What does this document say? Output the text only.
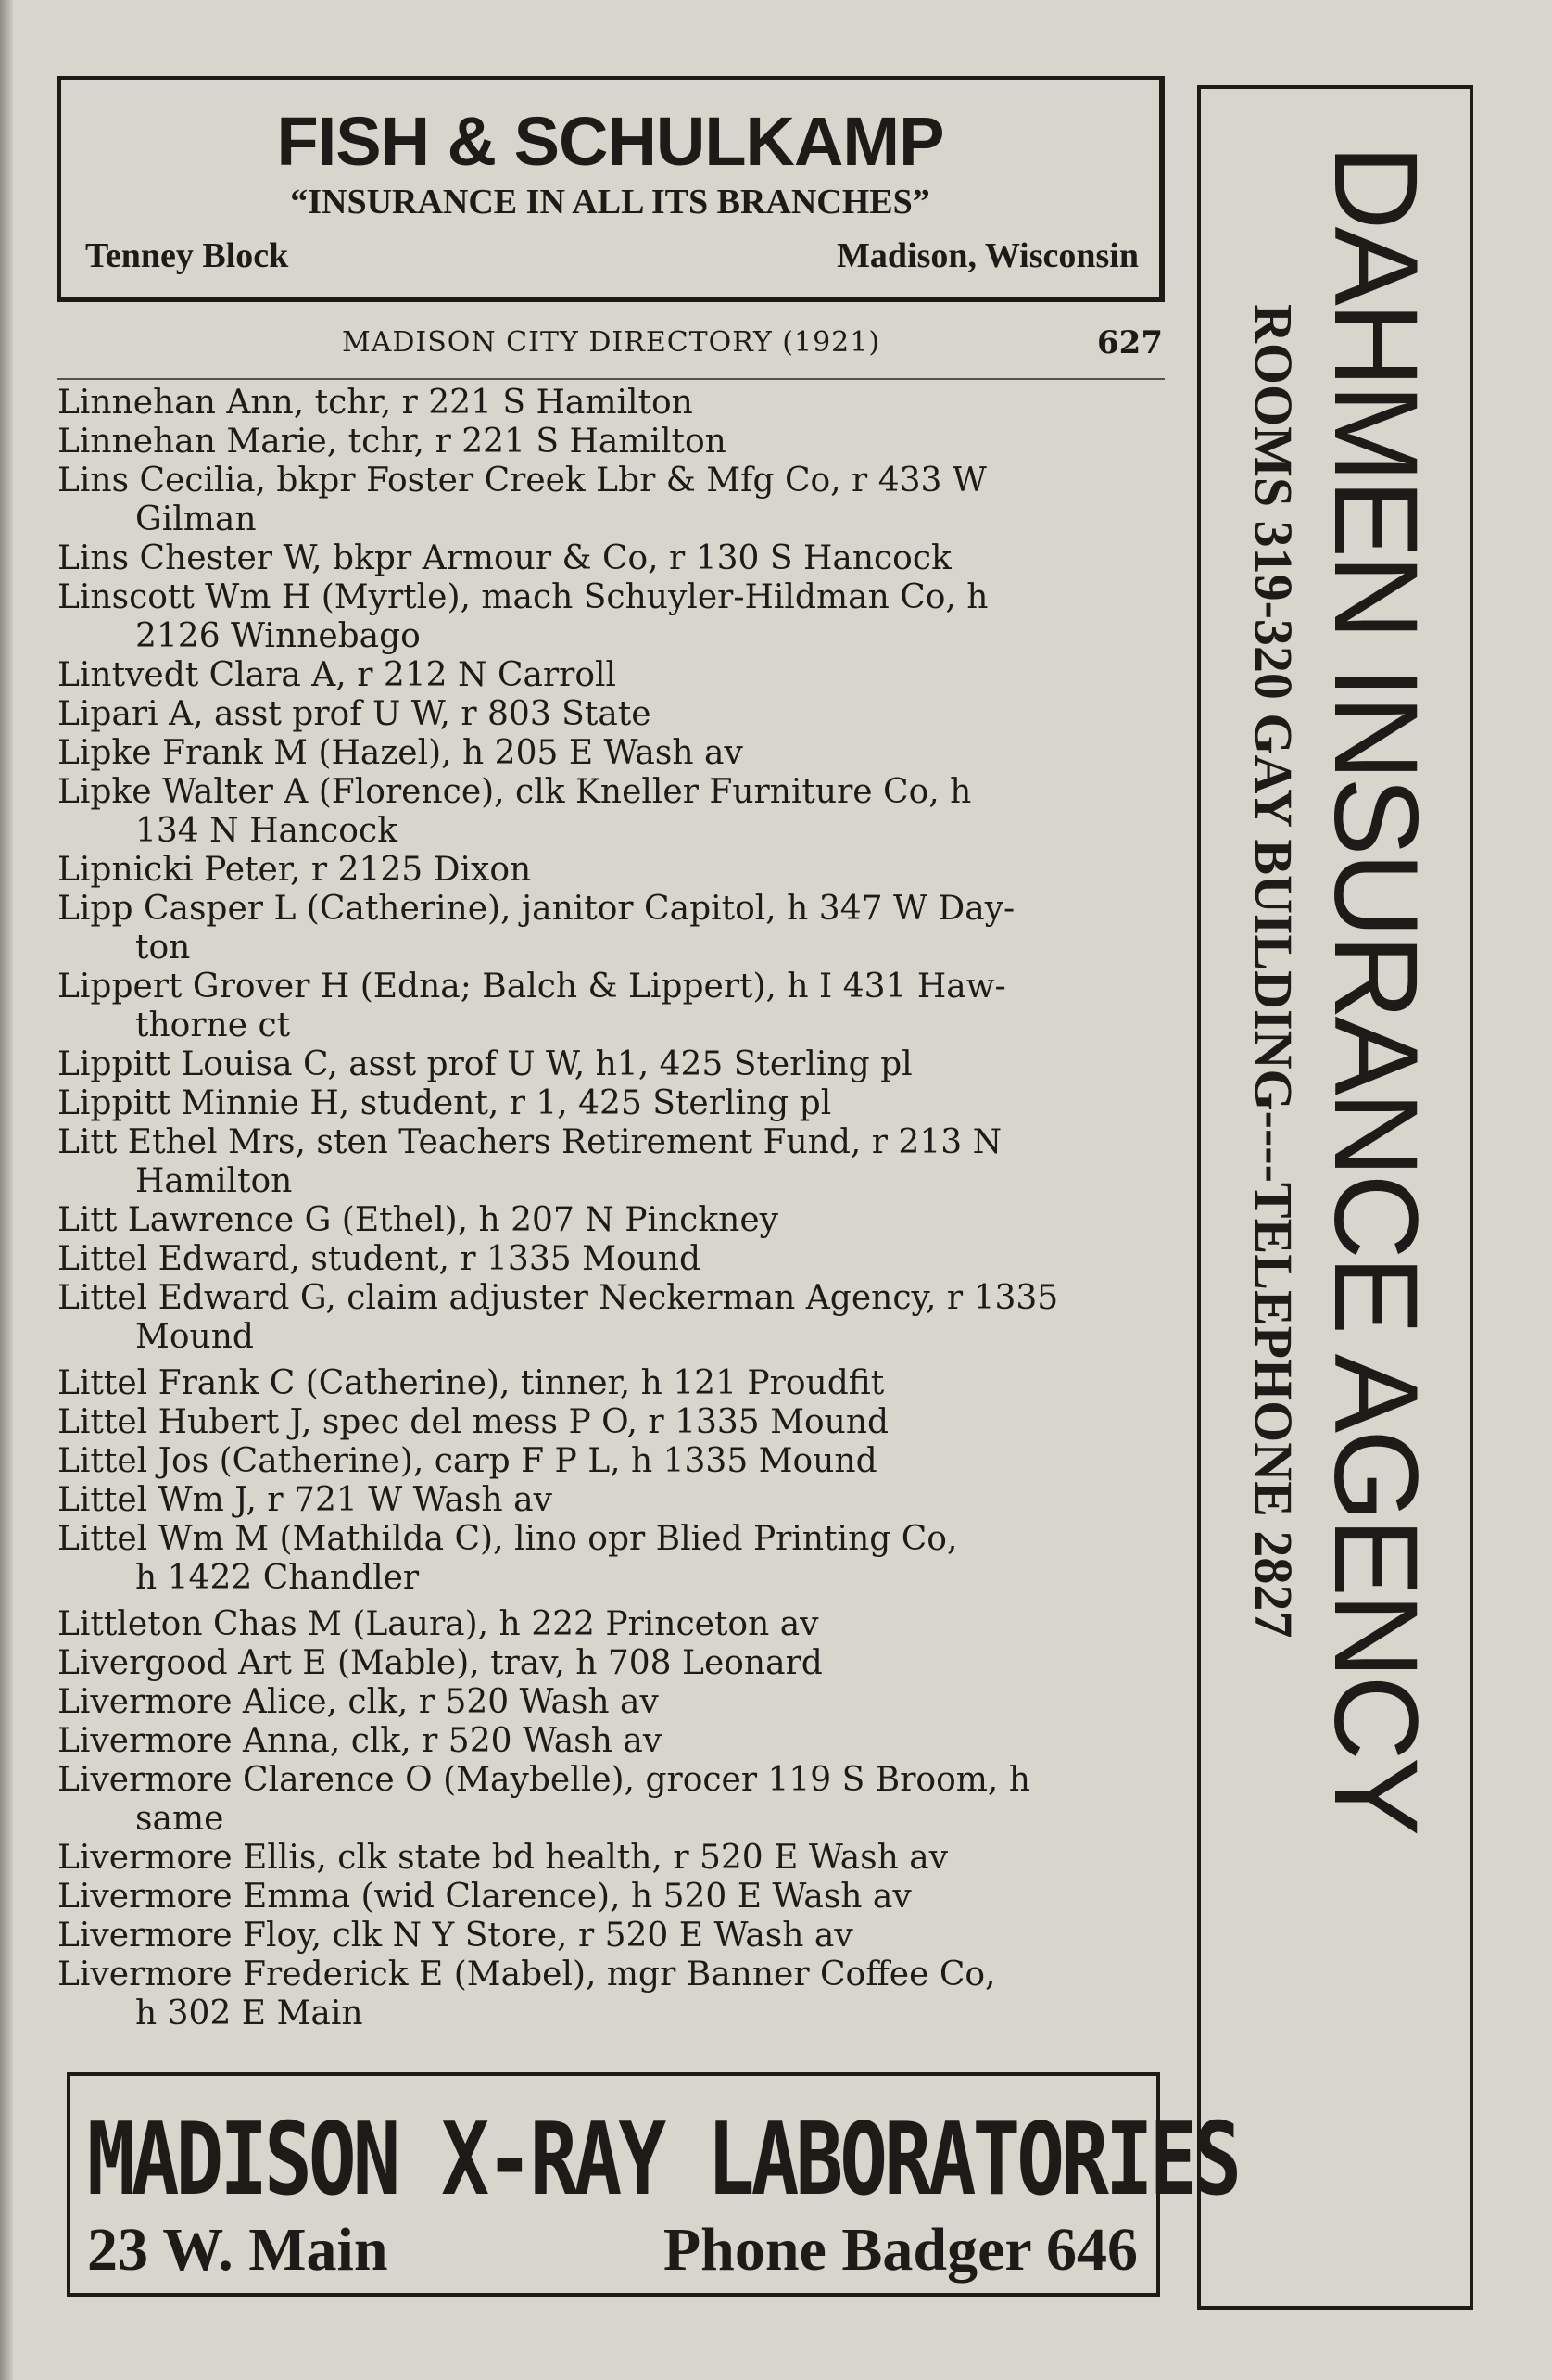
FISH & SCHULKAMP
“INSURANCE IN ALL ITS BRANCHES”
Tenney Block	Madison, Wisconsin
MADISON CITY DIRECTORY (1921)	627
Linnehan Ann, tchr, r 221 S Hamilton
Linnehan Marie, tchr, r 221 S Hamilton
Lins Cecilia, bkpr Foster Creek Lbr & Mfg Co, r 433 W
Gilman
Lins Chester W, bkpr Armour & Co, r 130 S Hancock
Linscott Wm H (Myrtle), mach Schuyler-Hildman Co, h
2126 Winnebago
Lintvedt Clara A, r 212 N Carroll
Lipari A, asst prof U W, r 803 State
Lipke Frank M (Hazel), h 205 E Wash av
Lipke Walter A (Florence), clk Kneller Furniture Co, h
134 N Hancock
Lipnicki Peter, r 2125 Dixon
Lipp Casper L (Catherine), janitor Capitol, h 347 W Day-
ton
Lippert Grover H (Edna; Balch & Lippert), h I 431 Haw-
thorne ct
Lippitt Louisa C, asst prof U W, h1, 425 Sterling pl
Lippitt Minnie H, student, r 1, 425 Sterling pl
Litt Ethel Mrs, sten Teachers Retirement Fund, r 213 N
Hamilton
Litt Lawrence G (Ethel), h 207 N Pinckney
Littel Edward, student, r 1335 Mound
Littel Edward G, claim adjuster Neckerman Agency, r 1335
Mound
Littel Frank C (Catherine), tinner, h 121 Proudfit
Littel Hubert J, spec del mess P O, r 1335 Mound
Littel Jos (Catherine), carp F P L, h 1335 Mound
Littel Wm J, r 721 W Wash av
Littel Wm M (Mathilda C), lino opr Blied Printing Co,
h 1422 Chandler
Littleton Chas M (Laura), h 222 Princeton av
Livergood Art E (Mable), trav, h 708 Leonard
Livermore Alice, clk, r 520 Wash av
Livermore Anna, clk, r 520 Wash av
Livermore Clarence O (Maybelle), grocer 119 S Broom, h
same
Livermore Ellis, clk state bd health, r 520 E Wash av
Livermore Emma (wid Clarence), h 520 E Wash av
Livermore Floy, clk N Y Store, r 520 E Wash av
Livermore Frederick E (Mabel), mgr Banner Coffee Co,
h 302 E Main
MADISON X-RAY LABORATORIES
23 W. Main	Phone Badger 646
DAHMEN INSURANCE AGENCY
ROOMS 319-320 GAY BUILDING----TELEPHONE 2827
